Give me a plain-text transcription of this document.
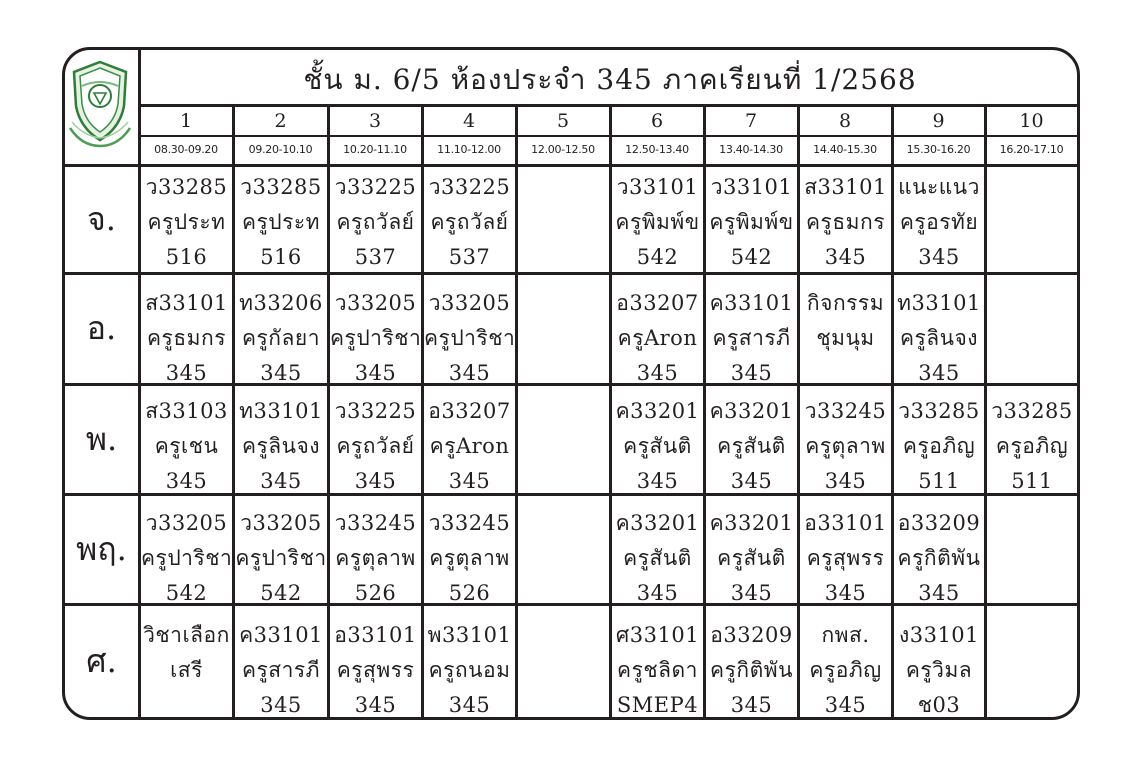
ชั้น ม. 6/5 ห้องประจำ 345 ภาคเรียนที่ 1/2568
1
08.30-09.20
2
09.20-10.10
3
10.20-11.10
4
11.10-12.00
5
12.00-12.50
6
12.50-13.40
7
13.40-14.30
8
14.40-15.30
9
15.30-16.20
10
16.20-17.10
จ.
ว33285
ครูประท
516
ว33285
ครูประท
516
ว33225
ครูถวัลย์
537
ว33225
ครูถวัลย์
537
ว33101
ครูพิมพ์ข
542
ว33101
ครูพิมพ์ข
542
ส33101
ครูธมกร
345
แนะแนว
ครูอรทัย
345
อ.
ส33101
ครูธมกร
345
ท33206
ครูกัลยา
345
ว33205
ครูปาริชา
345
ว33205
ครูปาริชา
345
อ33207
ครูAron
345
ค33101
ครูสารภี
345
กิจกรรม
ชุมนุม
ท33101
ครูลินจง
345
พ.
ส33103
ครูเชน
345
ท33101
ครูลินจง
345
ว33225
ครูถวัลย์
345
อ33207
ครูAron
345
ค33201
ครูสันติ
345
ค33201
ครูสันติ
345
ว33245
ครูตุลาพ
345
ว33285
ครูอภิญ
511
ว33285
ครูอภิญ
511
พฤ.
ว33205
ครูปาริชา
542
ว33205
ครูปาริชา
542
ว33245
ครูตุลาพ
526
ว33245
ครูตุลาพ
526
ค33201
ครูสันติ
345
ค33201
ครูสันติ
345
อ33101
ครูสุพรร
345
อ33209
ครูกิติพัน
345
ศ.
วิชาเลือก
เสรี
ค33101
ครูสารภี
345
อ33101
ครูสุพรร
345
พ33101
ครูถนอม
345
ศ33101
ครูชลิดา
SMEP4
อ33209
ครูกิติพัน
345
กพส.
ครูอภิญ
345
ง33101
ครูวิมล
ช03
